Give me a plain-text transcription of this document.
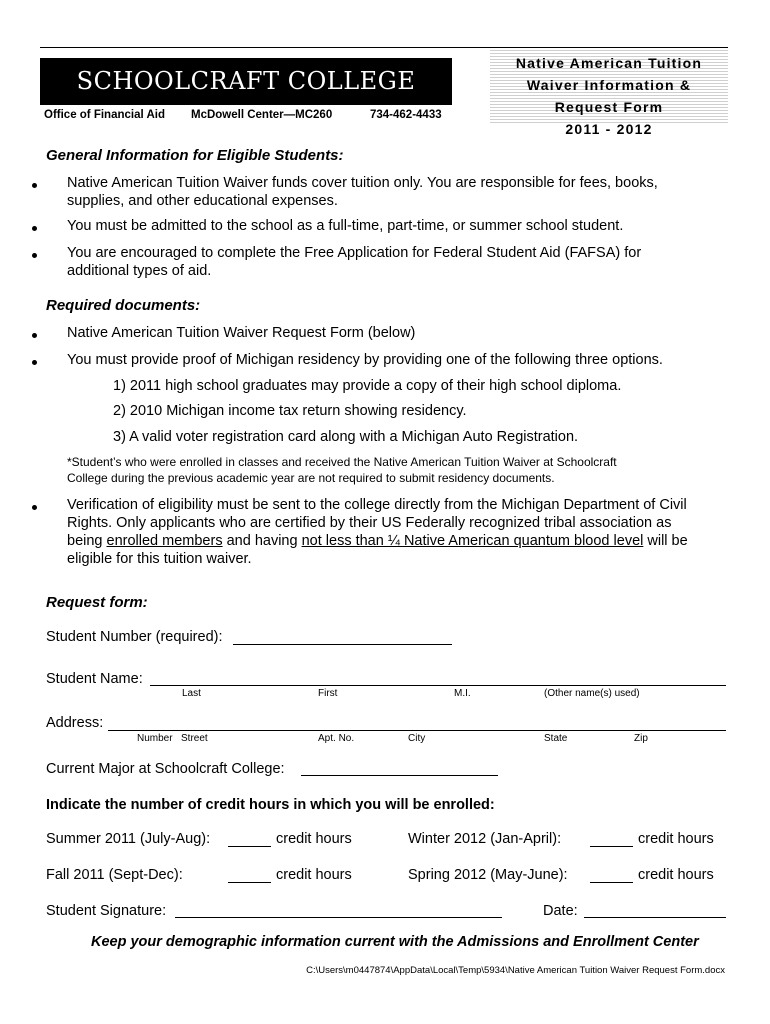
SCHOOLCRAFT COLLEGE
Office of Financial Aid McDowell Center—MC260	734-462-4433
Native American Tuition
Waiver Information &
Request Form
2011 - 2012
General Information for Eligible Students:
Native American Tuition Waiver funds cover tuition only. You are responsible for fees, books,
supplies, and other educational expenses.
You must be admitted to the school as a full-time, part-time, or summer school student.
You are encouraged to complete the Free Application for Federal Student Aid (FAFSA) for
additional types of aid.
Required documents:
Native American Tuition Waiver Request Form (below)
You must provide proof of Michigan residency by providing one of the following three options.
1) 2011 high school graduates may provide a copy of their high school diploma.
2) 2010 Michigan income tax return showing residency.
3) A valid voter registration card along with a Michigan Auto Registration.
*Student’s who were enrolled in classes and received the Native American Tuition Waiver at Schoolcraft
College during the previous academic year are not required to submit residency documents.
Verification of eligibility must be sent to the college directly from the Michigan Department of Civil
Rights. Only applicants who are certified by their US Federally recognized tribal association as
being enrolled members and having not less than ¼ Native American quantum blood level will be
eligible for this tuition waiver.
Request form:
Student Number (required):
Student Name:
Last	First	M.I.	(Other name(s) used)
Address:
Number Street	Apt. No.	City	State	Zip
Current Major at Schoolcraft College:
Indicate the number of credit hours in which you will be enrolled:
Summer 2011 (July-Aug):	credit hours	Winter 2012 (Jan-April):	credit hours
Fall 2011 (Sept-Dec):	credit hours	Spring 2012 (May-June):	credit hours
Student Signature:	Date:
Keep your demographic information current with the Admissions and Enrollment Center
C:\Users\m0447874\AppData\Local\Temp\5934\Native American Tuition Waiver Request Form.docx
